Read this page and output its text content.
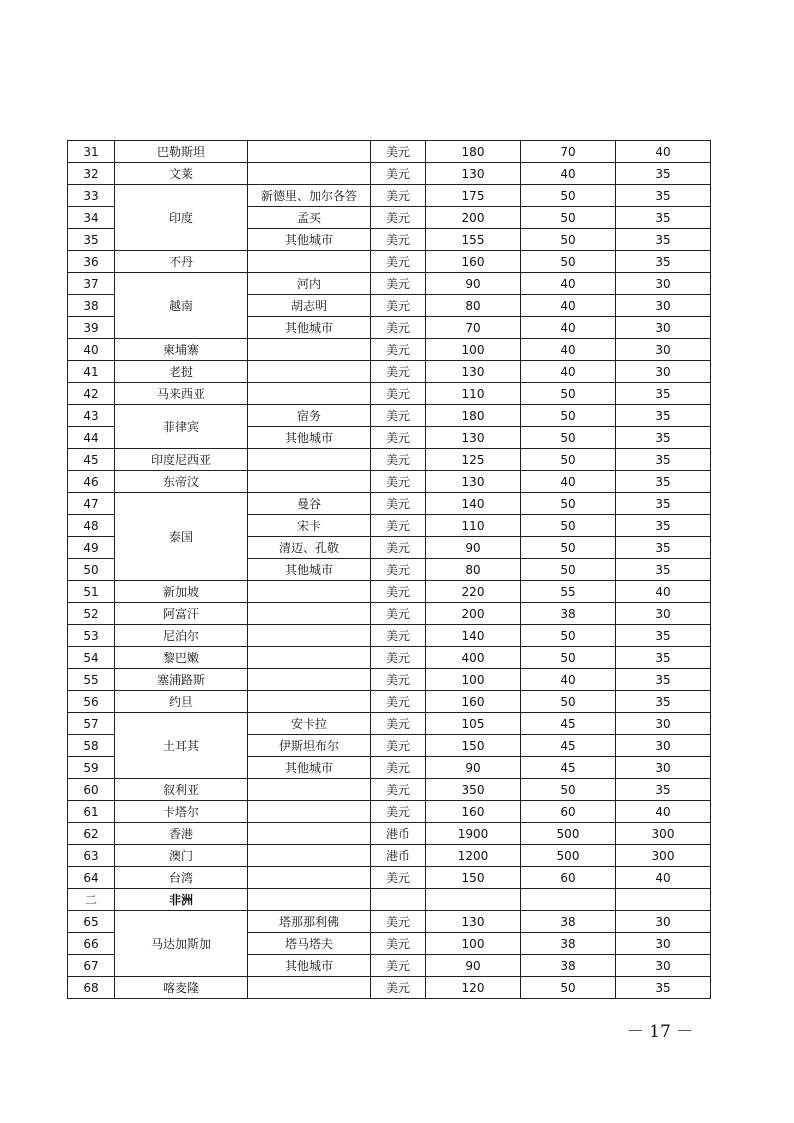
31	巴勒斯坦		美元	180	70	40
32	文莱		美元	130	40	35
33	印度	新德里、加尔各答	美元	175	50	35
34		孟买	美元	200	50	35
35		其他城市	美元	155	50	35
36	不丹		美元	160	50	35
37	越南	河内	美元	90	40	30
38		胡志明	美元	80	40	30
39		其他城市	美元	70	40	30
40	柬埔寨		美元	100	40	30
41	老挝		美元	130	40	30
42	马来西亚		美元	110	50	35
43	菲律宾	宿务	美元	180	50	35
44		其他城市	美元	130	50	35
45	印度尼西亚		美元	125	50	35
46	东帝汶		美元	130	40	35
47	泰国	曼谷	美元	140	50	35
48		宋卡	美元	110	50	35
49		清迈、孔敬	美元	90	50	35
50		其他城市	美元	80	50	35
51	新加坡		美元	220	55	40
52	阿富汗		美元	200	38	30
53	尼泊尔		美元	140	50	35
54	黎巴嫩		美元	400	50	35
55	塞浦路斯		美元	100	40	35
56	约旦		美元	160	50	35
57	土耳其	安卡拉	美元	105	45	30
58		伊斯坦布尔	美元	150	45	30
59		其他城市	美元	90	45	30
60	叙利亚		美元	350	50	35
61	卡塔尔		美元	160	60	40
62	香港		港币	1900	500	300
63	澳门		港币	1200	500	300
64	台湾		美元	150	60	40
二	非洲					
65	马达加斯加	塔那那利佛	美元	130	38	30
66		塔马塔夫	美元	100	38	30
67		其他城市	美元	90	38	30
68	喀麦隆		美元	120	50	35
－ 17 －
